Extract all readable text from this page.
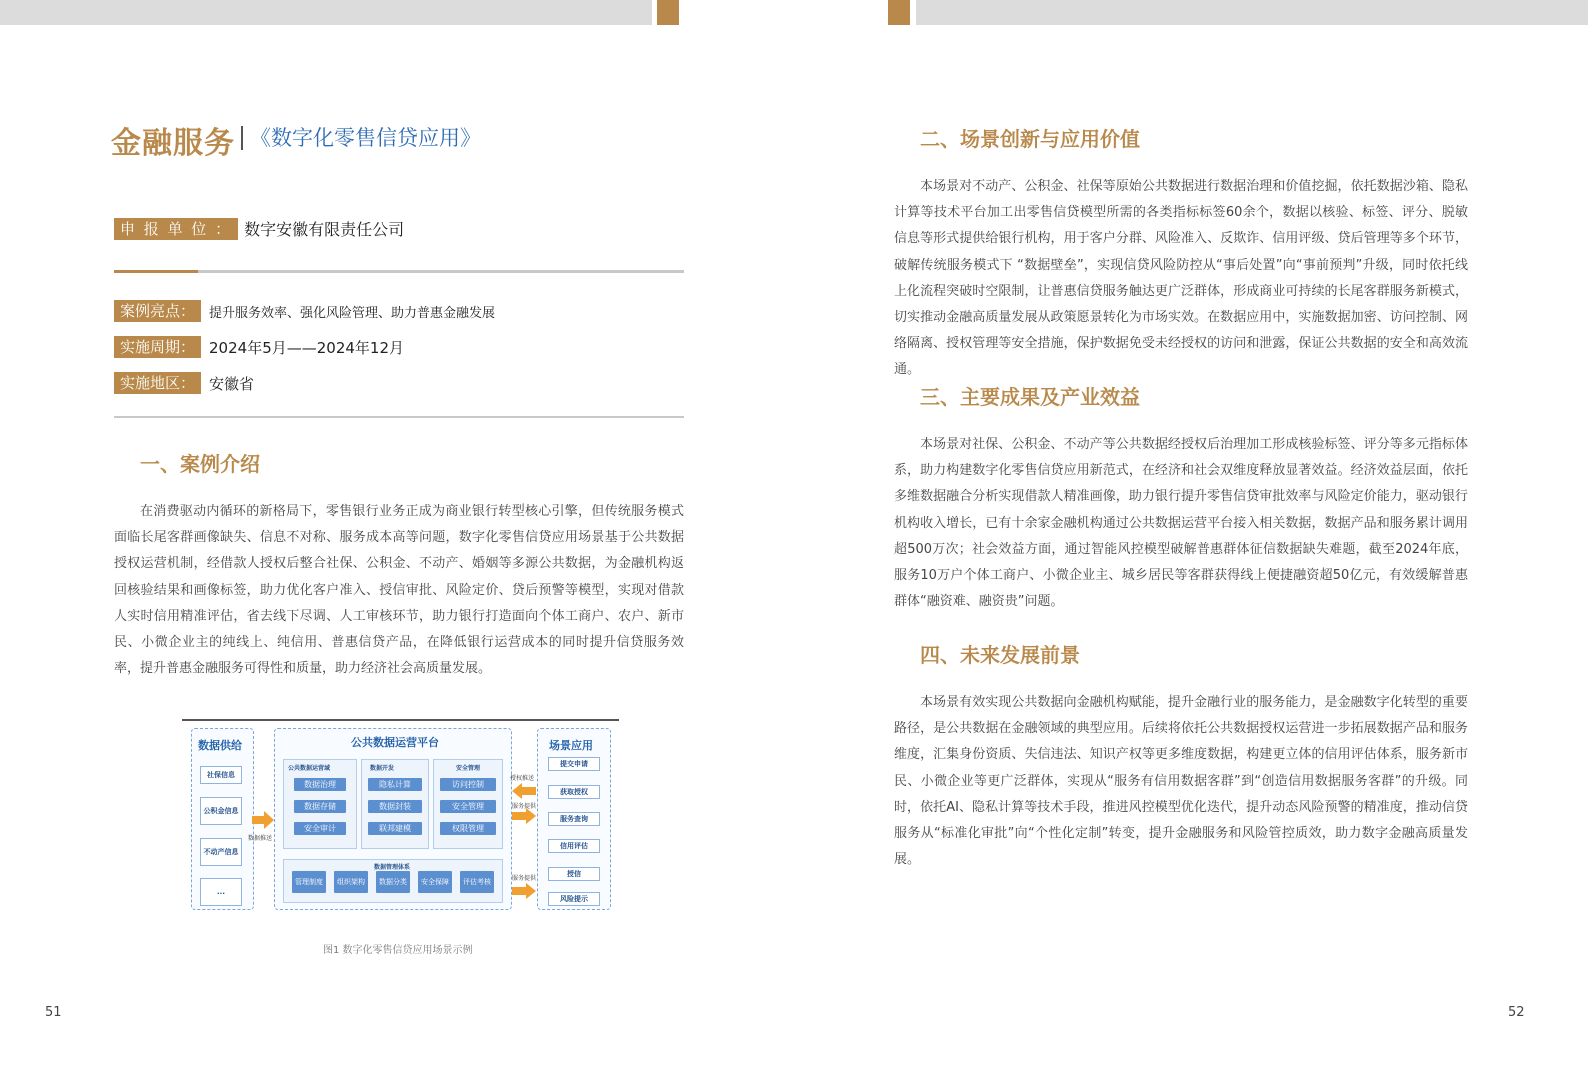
金融服务 《数字化零售信贷应用》
申 报 单 位 ： 数字安徽有限责任公司
案例亮点：	提升服务效率、强化风险管理、助力普惠金融发展
实施周期： 2024年5月——2024年12月
实施地区： 安徽省
一、案例介绍
在消费驱动内循环的新格局下，零售银行业务正成为商业银行转型核心引擎，但传统服务模式面临长尾客群画像缺失、信息不对称、服务成本高等问题，数字化零售信贷应用场景基于公共数据授权运营机制，经借款人授权后整合社保、公积金、不动产、婚姻等多源公共数据，为金融机构返回核验结果和画像标签，助力优化客户准入、授信审批、风险定价、贷后预警等模型，实现对借款人实时信用精准评估，省去线下尽调、人工审核环节，助力银行打造面向个体工商户、农户、新市民、小微企业主的纯线上、纯信用、普惠信贷产品，在降低银行运营成本的同时提升信贷服务效率，提升普惠金融服务可得性和质量，助力经济社会高质量发展。
数据供给
社保信息
公积金信息
不动产信息
...
数据推送
公共数据运营平台
公共数据运营域
数据治理
数据存储
安全审计
数据开发
隐私计算
数据封装
联邦建模
安全管理
访问控制
安全管理
权限管理
数据管理体系
管理制度	组织架构	数据分类	安全保障	评估考核
授权推送
服务提供
服务提供
场景应用
提交申请
获取授权
服务查询
信用评估
授信
风险提示
图1 数字化零售信贷应用场景示例
51
二、场景创新与应用价值
本场景对不动产、公积金、社保等原始公共数据进行数据治理和价值挖掘，依托数据沙箱、隐私计算等技术平台加工出零售信贷模型所需的各类指标标签60余个，数据以核验、标签、评分、脱敏信息等形式提供给银行机构，用于客户分群、风险准入、反欺诈、信用评级、贷后管理等多个环节，破解传统服务模式下 “数据壁垒”，实现信贷风险防控从“事后处置”向“事前预判”升级，同时依托线上化流程突破时空限制，让普惠信贷服务触达更广泛群体，形成商业可持续的长尾客群服务新模式，切实推动金融高质量发展从政策愿景转化为市场实效。在数据应用中，实施数据加密、访问控制、网络隔离、授权管理等安全措施，保护数据免受未经授权的访问和泄露，保证公共数据的安全和高效流通。
三、主要成果及产业效益
本场景对社保、公积金、不动产等公共数据经授权后治理加工形成核验标签、评分等多元指标体系，助力构建数字化零售信贷应用新范式，在经济和社会双维度释放显著效益。经济效益层面，依托多维数据融合分析实现借款人精准画像，助力银行提升零售信贷审批效率与风险定价能力，驱动银行机构收入增长，已有十余家金融机构通过公共数据运营平台接入相关数据，数据产品和服务累计调用超500万次；社会效益方面，通过智能风控模型破解普惠群体征信数据缺失难题，截至2024年底，服务10万户个体工商户、小微企业主、城乡居民等客群获得线上便捷融资超50亿元，有效缓解普惠群体“融资难、融资贵”问题。
四、未来发展前景
本场景有效实现公共数据向金融机构赋能，提升金融行业的服务能力，是金融数字化转型的重要路径，是公共数据在金融领域的典型应用。后续将依托公共数据授权运营进一步拓展数据产品和服务维度，汇集身份资质、失信违法、知识产权等更多维度数据，构建更立体的信用评估体系，服务新市民、小微企业等更广泛群体，实现从“服务有信用数据客群”到“创造信用数据服务客群”的升级。同时，依托AI、隐私计算等技术手段，推进风控模型优化迭代，提升动态风险预警的精准度，推动信贷服务从“标准化审批”向“个性化定制”转变，提升金融服务和风险管控质效，助力数字金融高质量发展。
52
